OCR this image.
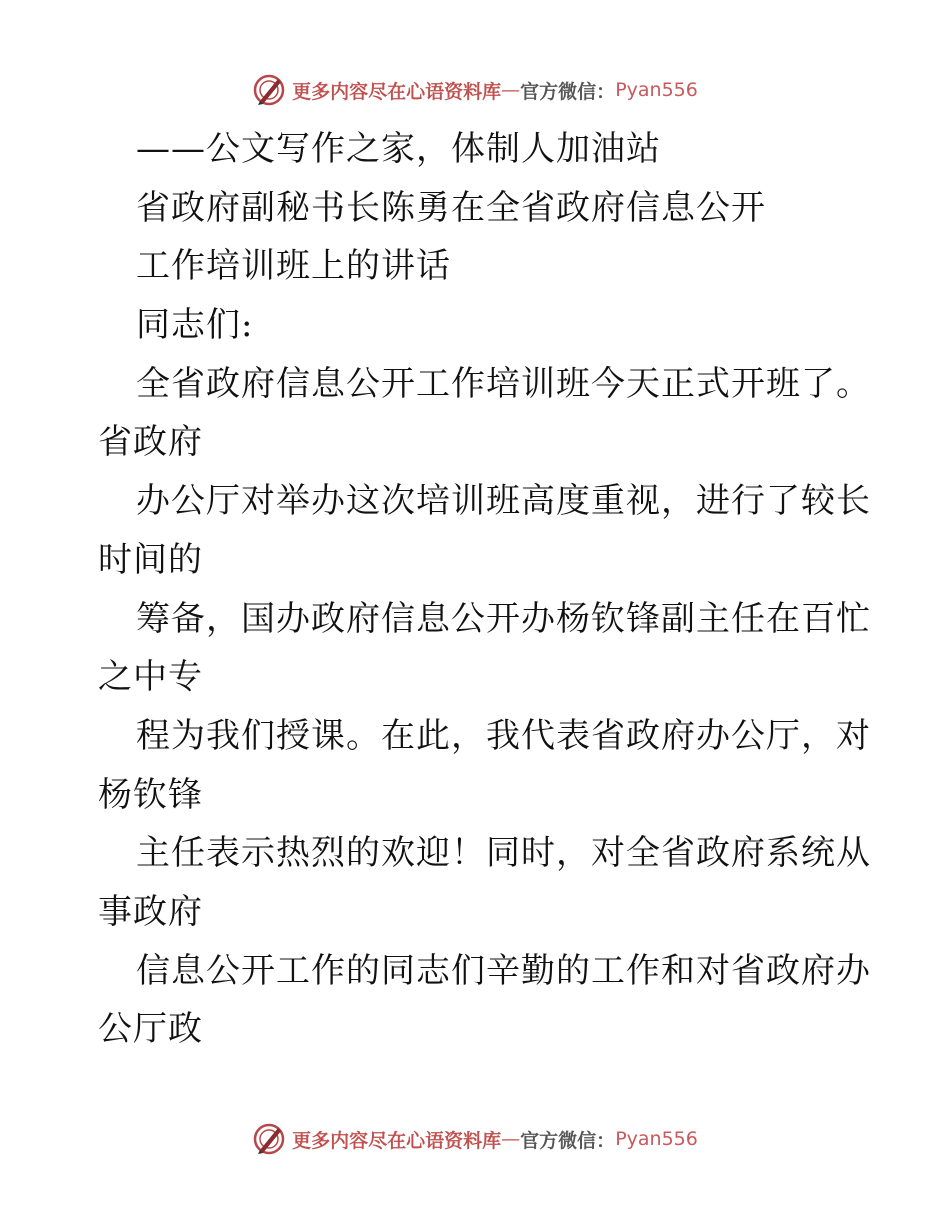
更多内容尽在心语资料库 — 官方微信： Pyan556
——公文写作之家，体制人加油站
省政府副秘书长陈勇在全省政府信息公开
工作培训班上的讲话
同志们:
全省政府信息公开工作培训班今天正式开班了。
省政府
办公厅对举办这次培训班高度重视，进行了较长
时间的
筹备，国办政府信息公开办杨钦锋副主任在百忙
之中专
程为我们授课。在此，我代表省政府办公厅，对
杨钦锋
主任表示热烈的欢迎！同时，对全省政府系统从
事政府
信息公开工作的同志们辛勤的工作和对省政府办
公厅政
更多内容尽在心语资料库 — 官方微信： Pyan556
